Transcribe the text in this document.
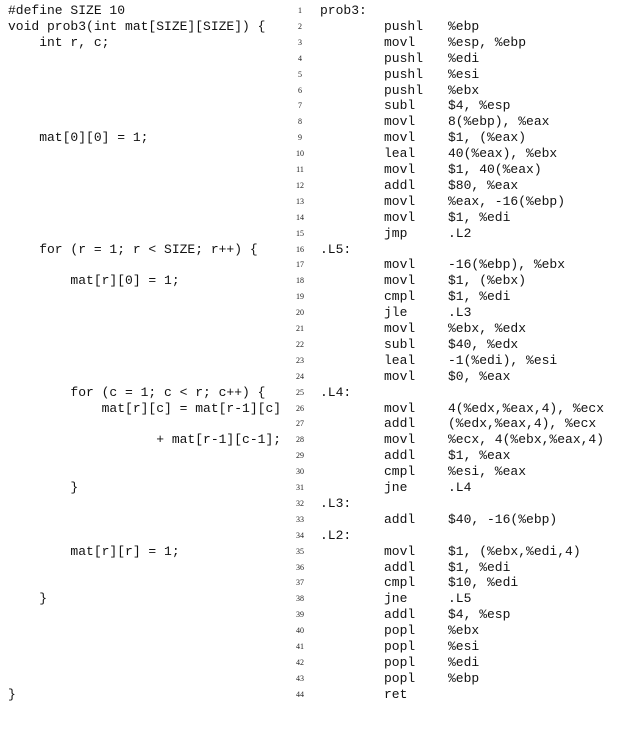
#define SIZE 10
void prob3(int mat[SIZE][SIZE]) {
int r, c;
mat[0][0] = 1;
for (r = 1; r < SIZE; r++) {
mat[r][0] = 1;
for (c = 1; c < r; c++) {
mat[r][c] = mat[r-1][c]
+ mat[r-1][c-1];
}
mat[r][r] = 1;
}
}
1	prob3:
2	pushl %ebp
3	movl	%esp, %ebp
4	pushl %edi
5	pushl %esi
6	pushl %ebx
7	subl	$4, %esp
8	movl	8(%ebp), %eax
9	movl	$1, (%eax)
10	leal	40(%eax), %ebx
11	movl	$1, 40(%eax)
12	addl	$80, %eax
13	movl	%eax, -16(%ebp)
14	movl	$1, %edi
15	jmp	.L2
16	.L5:
17	movl	-16(%ebp), %ebx
18	movl	$1, (%ebx)
19	cmpl	$1, %edi
20	jle	.L3
21	movl	%ebx, %edx
22	subl	$40, %edx
23	leal	-1(%edi), %esi
24	movl	$0, %eax
25	.L4:
26	movl	4(%edx,%eax,4), %ecx
27	addl	(%edx,%eax,4), %ecx
28	movl	%ecx, 4(%ebx,%eax,4)
29	addl	$1, %eax
30	cmpl	%esi, %eax
31	jne	.L4
32	.L3:
33	addl	$40, -16(%ebp)
34	.L2:
35	movl	$1, (%ebx,%edi,4)
36	addl	$1, %edi
37	cmpl	$10, %edi
38	jne	.L5
39	addl	$4, %esp
40	popl	%ebx
41	popl	%esi
42	popl	%edi
43	popl	%ebp
44	ret
